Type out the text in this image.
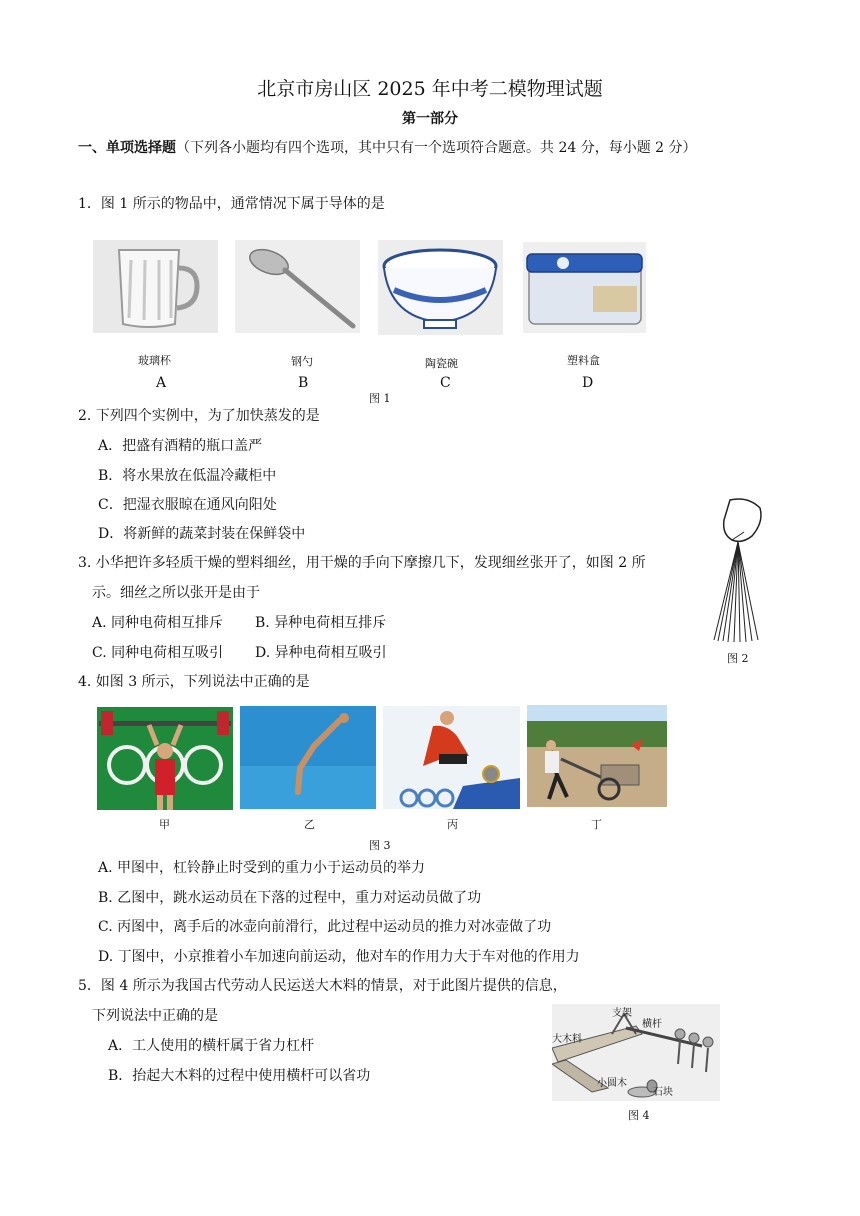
北京市房山区 2025 年中考二模物理试题
第一部分
一、单项选择题（下列各小题均有四个选项，其中只有一个选项符合题意。共 24 分，每小题 2 分）
1．图 1 所示的物品中，通常情况下属于导体的是
玻璃杯	钢勺	陶瓷碗	塑料盒
A	B	C	D
图 1
2. 下列四个实例中，为了加快蒸发的是
A．把盛有酒精的瓶口盖严
B．将水果放在低温冷藏柜中
C．把湿衣服晾在通风向阳处
D．将新鲜的蔬菜封装在保鲜袋中
3. 小华把许多轻质干燥的塑料细丝，用干燥的手向下摩擦几下，发现细丝张开了，如图 2 所
示。细丝之所以张开是由于
A. 同种电荷相互排斥 B. 异种电荷相互排斥
C. 同种电荷相互吸引 D. 异种电荷相互吸引	图 2
4. 如图 3 所示，下列说法中正确的是
甲	乙	丙	丁
图 3
A. 甲图中，杠铃静止时受到的重力小于运动员的举力
B. 乙图中，跳水运动员在下落的过程中，重力对运动员做了功
C. 丙图中，离手后的冰壶向前滑行，此过程中运动员的推力对冰壶做了功
D. 丁图中，小京推着小车加速向前运动，他对车的作用力大于车对他的作用力
5．图 4 所示为我国古代劳动人民运送大木料的情景，对于此图片提供的信息，
下列说法中正确的是
A．工人使用的横杆属于省力杠杆
B．抬起大木料的过程中使用横杆可以省功
支架
横杆
大木料
小圆木
石块
图 4
